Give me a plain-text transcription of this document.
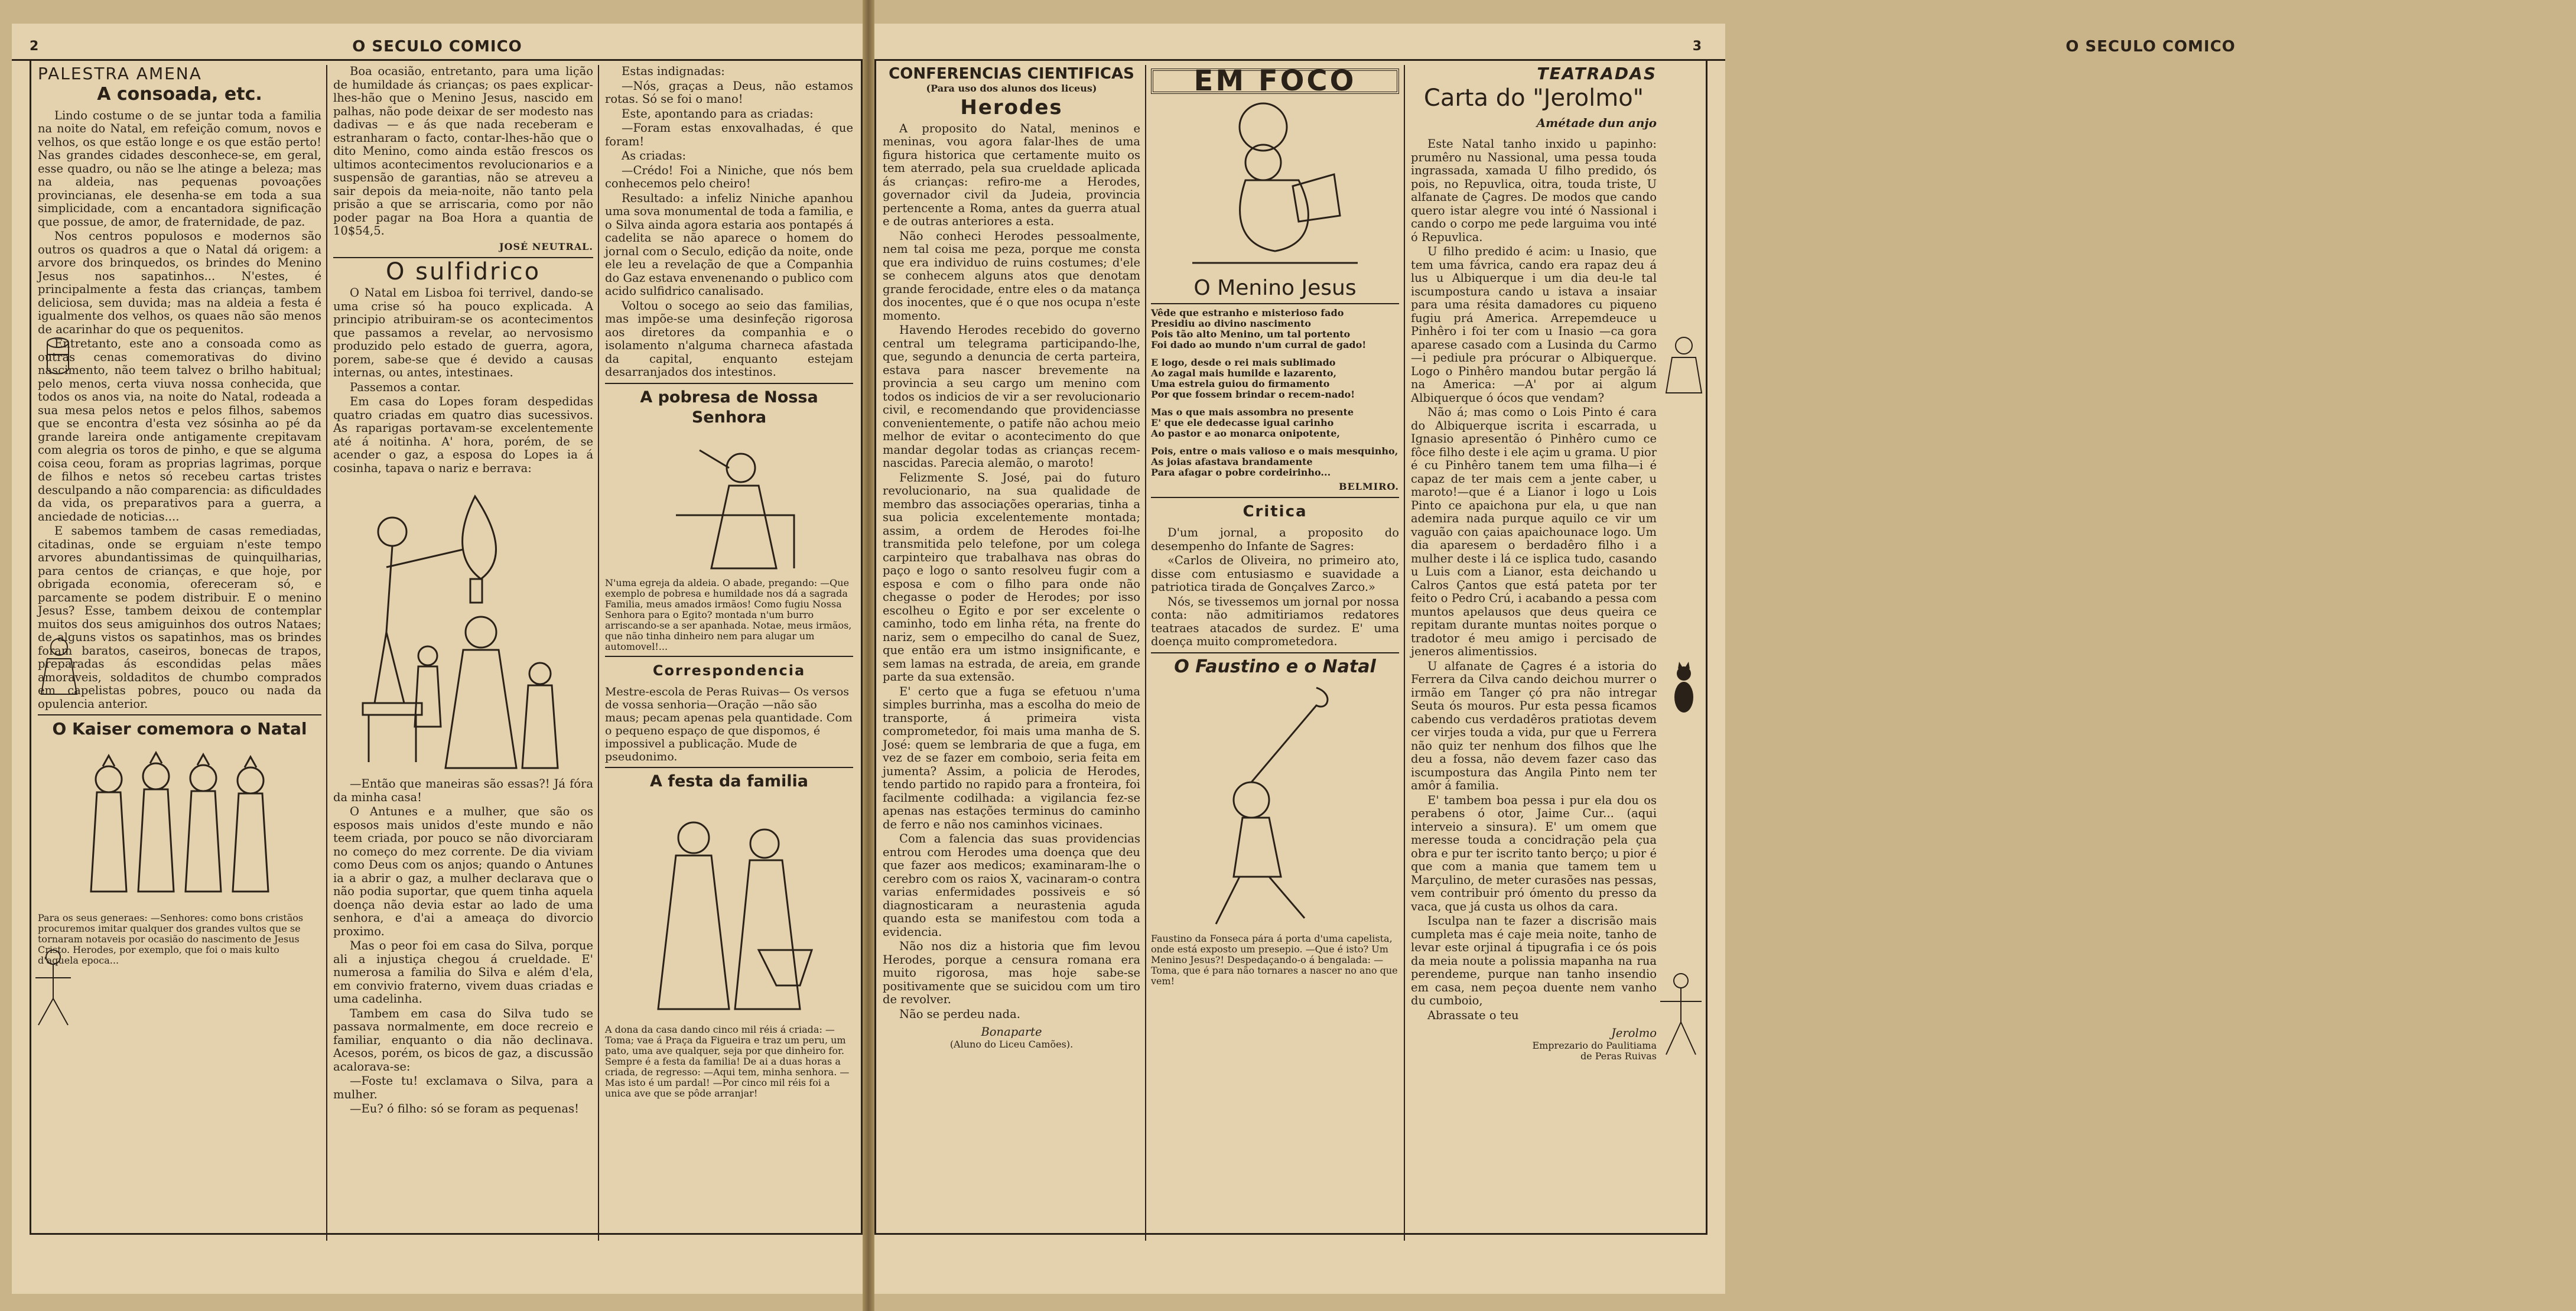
2	O SECULO COMICO
PALESTRA AMENA
A consoada, etc.

Lindo costume o de se juntar toda a familia na noite do Natal, em refeição comum, novos e velhos, os que estão longe e os que estão perto! Nas grandes cidades desconhece-se, em geral, esse quadro, ou não se lhe atinge a beleza; mas na aldeia, nas pequenas povoações provincianas, ele desenha-se em toda a sua simplicidade, com a encantadora significação que possue, de amor, de fraternidade, de paz.

Nos centros populosos e modernos são outros os quadros a que o Natal dá origem: a arvore dos brinquedos, os brindes do Menino Jesus nos sapatinhos... N'estes, é principalmente a festa das crianças, tambem deliciosa, sem duvida; mas na aldeia a festa é igualmente dos velhos, os quaes não são menos de acarinhar do que os pequenitos.

Entretanto, este ano a consoada como as outras cenas comemorativas do divino nascimento, não teem talvez o brilho habitual; pelo menos, certa viuva nossa conhecida, que todos os anos via, na noite do Natal, rodeada a sua mesa pelos netos e pelos filhos, sabemos que se encontra d'esta vez sósinha ao pé da grande lareira onde antigamente crepitavam com alegria os toros de pinho, e que se alguma coisa ceou, foram as proprias lagrimas, porque de filhos e netos só recebeu cartas tristes desculpando a não comparencia: as dificuldades da vida, os preparativos para a guerra, a anciedade de noticias....

E sabemos tambem de casas remediadas, citadinas, onde se erguiam n'este tempo arvores abundantissimas de quinquilharias, para centos de crianças, e que hoje, por obrigada economia, ofereceram só, e parcamente se podem distribuir. E o menino Jesus? Esse, tambem deixou de contemplar muitos dos seus amiguinhos dos outros Nataes; de alguns vistos os sapatinhos, mas os brindes foram baratos, caseiros, bonecas de trapos, preparadas ás escondidas pelas mães amoraveis, soldaditos de chumbo comprados em capelistas pobres, pouco ou nada da opulencia anterior.

O Kaiser comemora o Natal
Para os seus generaes: —Senhores: como bons cristãos procuremos imitar qualquer dos grandes vultos que se tornaram notaveis por ocasião do nascimento de Jesus Cristo. Herodes, por exemplo, que foi o mais kulto d'aquela epoca...

Boa ocasião, entretanto, para uma lição de humildade ás crianças; os paes explicar-lhes-hão que o Menino Jesus, nascido em palhas, não pode deixar de ser modesto nas dadivas — e ás que nada receberam e estranharam o facto, contar-lhes-hão que o dito Menino, como ainda estão frescos os ultimos acontecimentos revolucionarios e a suspensão de garantias, não se atreveu a sair depois da meia-noite, não tanto pela prisão a que se arriscaria, como por não poder pagar na Boa Hora a quantia de 10$54,5.

JOSÉ NEUTRAL.
O sulfidrico

O Natal em Lisboa foi terrivel, dando-se uma crise só ha pouco explicada. A principio atribuiram-se os acontecimentos que passamos a revelar, ao nervosismo produzido pelo estado de guerra, agora, porem, sabe-se que é devido a causas internas, ou antes, intestinaes.

Passemos a contar.

Em casa do Lopes foram despedidas quatro criadas em quatro dias sucessivos. As raparigas portavam-se excelentemente até á noitinha. A' hora, porém, de se acender o gaz, a esposa do Lopes ia á cosinha, tapava o nariz e berrava:

—Então que maneiras são essas?! Já fóra da minha casa!

O Antunes e a mulher, que são os esposos mais unidos d'este mundo e não teem criada, por pouco se não divorciaram no começo do mez corrente. De dia viviam como Deus com os anjos; quando o Antunes ia a abrir o gaz, a mulher declarava que o não podia suportar, que quem tinha aquela doença não devia estar ao lado de uma senhora, e d'ai a ameaça do divorcio proximo.

Mas o peor foi em casa do Silva, porque ali a injustiça chegou á crueldade. E' numerosa a familia do Silva e além d'ela, em convivio fraterno, vivem duas criadas e uma cadelinha.

Tambem em casa do Silva tudo se passava normalmente, em doce recreio e familiar, enquanto o dia não declinava. Acesos, porém, os bicos de gaz, a discussão acalorava-se:

—Foste tu! exclamava o Silva, para a mulher.

—Eu? ó filho: só se foram as pequenas!

Estas indignadas:

—Nós, graças a Deus, não estamos rotas. Só se foi o mano!

Este, apontando para as criadas:

—Foram estas enxovalhadas, é que foram!

As criadas:

—Crédo! Foi a Niniche, que nós bem conhecemos pelo cheiro!

Resultado: a infeliz Niniche apanhou uma sova monumental de toda a familia, e o Silva ainda agora estaria aos pontapés á cadelita se não aparece o homem do jornal com o Seculo, edição da noite, onde ele leu a revelação de que a Companhia do Gaz estava envenenando o publico com acido sulfidrico canalisado.

Voltou o socego ao seio das familias, mas impõe-se uma desinfeção rigorosa aos diretores da companhia e o isolamento n'alguma charneca afastada da capital, enquanto estejam desarranjados dos intestinos.

A pobresa de Nossa Senhora
N'uma egreja da aldeia. O abade, pregando: —Que exemplo de pobresa e humildade nos dá a sagrada Familia, meus amados irmãos! Como fugiu Nossa Senhora para o Egito? montada n'um burro arriscando-se a ser apanhada. Notae, meus irmãos, que não tinha dinheiro nem para alugar um automovel!...
Correspondencia

Mestre-escola de Peras Ruivas— Os versos de vossa senhoria—Oração —não são maus; pecam apenas pela quantidade. Com o pequeno espaço de que dispomos, é impossivel a publicação. Mude de pseudonimo.

A festa da familia
A dona da casa dando cinco mil réis á criada: —Toma; vae á Praça da Figueira e traz um peru, um pato, uma ave qualquer, seja por que dinheiro for. Sempre é a festa da familia! De ai a duas horas a criada, de regresso: —Aqui tem, minha senhora. —Mas isto é um pardal! —Por cinco mil réis foi a unica ave que se pôde arranjar!
O SECULO COMICO
3
CONFERENCIAS CIENTIFICAS
(Para uso dos alunos dos liceus)
Herodes

A proposito do Natal, meninos e meninas, vou agora falar-lhes de uma figura historica que certamente muito os tem aterrado, pela sua crueldade aplicada ás crianças: refiro-me a Herodes, governador civil da Judeia, provincia pertencente a Roma, antes da guerra atual e de outras anteriores a esta.

Não conheci Herodes pessoalmente, nem tal coisa me peza, porque me consta que era individuo de ruins costumes; d'ele se conhecem alguns atos que denotam grande ferocidade, entre eles o da matança dos inocentes, que é o que nos ocupa n'este momento.

Havendo Herodes recebido do governo central um telegrama participando-lhe, que, segundo a denuncia de certa parteira, estava para nascer brevemente na provincia a seu cargo um menino com todos os indicios de vir a ser revolucionario civil, e recomendando que providenciasse convenientemente, o patife não achou meio melhor de evitar o acontecimento do que mandar degolar todas as crianças recem-nascidas. Parecia alemão, o maroto!

Felizmente S. José, pai do futuro revolucionario, na sua qualidade de membro das associações operarias, tinha a sua policia excelentemente montada; assim, a ordem de Herodes foi-lhe transmitida pelo telefone, por um colega carpinteiro que trabalhava nas obras do paço e logo o santo resolveu fugir com a esposa e com o filho para onde não chegasse o poder de Herodes; por isso escolheu o Egito e por ser excelente o caminho, todo em linha réta, na frente do nariz, sem o empecilho do canal de Suez, que então era um istmo insignificante, e sem lamas na estrada, de areia, em grande parte da sua extensão.

E' certo que a fuga se efetuou n'uma simples burrinha, mas a escolha do meio de transporte, á primeira vista comprometedor, foi mais uma manha de S. José: quem se lembraria de que a fuga, em vez de se fazer em comboio, seria feita em jumenta? Assim, a policia de Herodes, tendo partido no rapido para a fronteira, foi facilmente codilhada: a vigilancia fez-se apenas nas estações terminus do caminho de ferro e não nos caminhos vicinaes.

Com a falencia das suas providencias entrou com Herodes uma doença que deu que fazer aos medicos; examinaram-lhe o cerebro com os raios X, vacinaram-o contra varias enfermidades possiveis e só diagnosticaram a neurastenia aguda quando esta se manifestou com toda a evidencia.

Não nos diz a historia que fim levou Herodes, porque a censura romana era muito rigorosa, mas hoje sabe-se positivamente que se suicidou com um tiro de revolver.

Não se perdeu nada.

Bonaparte
(Aluno do Liceu Camões).
EM FOCO
O Menino Jesus
Vêde que estranho e misterioso fado
Presidiu ao divino nascimento
Pois tão alto Menino, um tal portento
Foi dado ao mundo n'um curral de gado!
E logo, desde o rei mais sublimado
Ao zagal mais humilde e lazarento,
Uma estrela guiou do firmamento
Por que fossem brindar o recem-nado!
Mas o que mais assombra no presente
E' que ele dedecasse igual carinho
Ao pastor e ao monarca onipotente,
Pois, entre o mais valioso e o mais mesquinho,
As joias afastava brandamente
Para afagar o pobre cordeirinho...
BELMIRO.
Critica

D'um jornal, a proposito do desempenho do Infante de Sagres:

«Carlos de Oliveira, no primeiro ato, disse com entusiasmo e suavidade a patriotica tirada de Gonçalves Zarco.»

Nós, se tivessemos um jornal por nossa conta: não admitiriamos redatores teatraes atacados de surdez. E' uma doença muito comprometedora.

O Faustino e o Natal
Faustino da Fonseca pára á porta d'uma capelista, onde está exposto um presepio. —Que é isto? Um Menino Jesus?! Despedaçando-o á bengalada: —Toma, que é para não tornares a nascer no ano que vem!
TEATRADAS
Carta do "Jerolmo"
Amétade dun anjo

Este Natal tanho inxido u papinho: prumêro nu Nassional, uma pessa touda ingrassada, xamada U filho predido, ós pois, no Repuvlica, oitra, touda triste, U alfanate de Çagres. De modos que cando quero istar alegre vou inté ó Nassional i cando o corpo me pede larguima vou inté ó Repuvlica.

U filho predido é acim: u Inasio, que tem uma fávrica, cando era rapaz deu á lus u Albiquerque i um dia deu-le tal iscumpostura cando u istava a insaiar para uma résita damadores cu piqueno fugiu prá America. Arrepemdeuce u Pinhêro i foi ter com u Inasio —ca gora aparese casado com a Lusinda du Carmo—i pediule pra prócurar o Albiquerque. Logo o Pinhêro mandou butar pergão lá na America: —A' por ai algum Albiquerque ó ócos que vendam?

Não á; mas como o Lois Pinto é cara do Albiquerque iscrita i escarrada, u Ignasio apresentão ó Pinhêro cumo ce fôce filho deste i ele açim u grama. U pior é cu Pinhêro tanem tem uma filha—i é capaz de ter mais cem a jente caber, u maroto!—que é a Lianor i logo u Lois Pinto ce apaichona pur ela, u que nan ademira nada purque aquilo ce vir um vaguão con çaias apaichounace logo. Um dia aparesem o berdadêro filho i a mulher deste i lá ce isplica tudo, casando u Luis com a Lianor, esta deichando u Calros Çantos que está pateta por ter feito o Pedro Crú, i acabando a pessa com muntos apelausos que deus queira ce repitam durante muntas noites porque o tradotor é meu amigo i percisado de jeneros alimentissios.

U alfanate de Çagres é a istoria do Ferrera da Cilva cando deichou murrer o irmão em Tanger çó pra não intregar Seuta ós mouros. Pur esta pessa ficamos cabendo cus verdadêros pratiotas devem cer virjes touda a vida, pur que u Ferrera não quiz ter nenhum dos filhos que lhe deu a fossa, não devem fazer caso das iscumpostura das Angila Pinto nem ter amôr á familia.

E' tambem boa pessa i pur ela dou os perabens ó otor, Jaime Cur... (aqui interveio a sinsura). E' um omem que meresse touda a concidração pela çua obra e pur ter iscrito tanto berço; u pior é que com a mania que tamem tem u Marçulino, de meter curasões nas pessas, vem contribuir pró ómento du presso da vaca, que já custa us olhos da cara.

Isculpa nan te fazer a discrisão mais cumpleta mas é caje meia noite, tanho de levar este orjinal á tipugrafia i ce ós pois da meia noute a polissia mapanha na rua perendeme, purque nan tanho insendio em casa, nem peçoa duente nem vanho du cumboio,

Abrassate o teu

Jerolmo
Emprezario do Paulitiama
de Peras Ruivas
